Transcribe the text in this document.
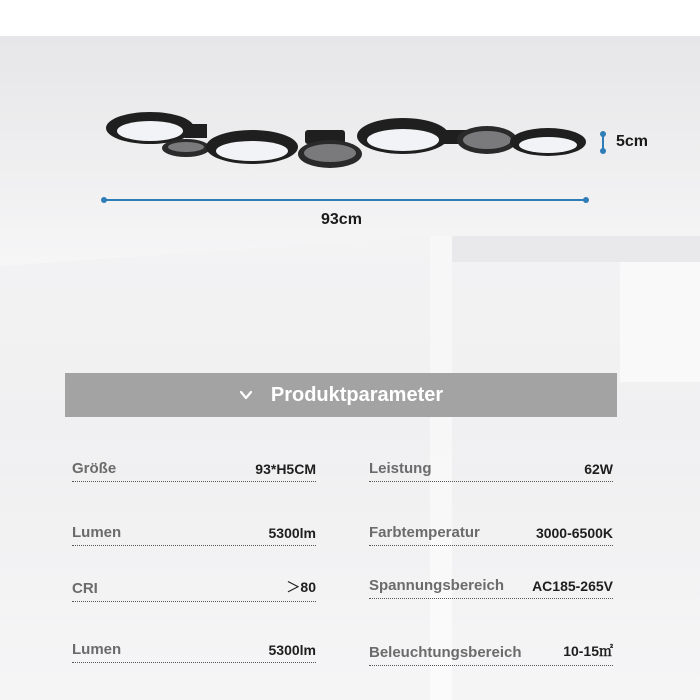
5cm
93cm
Produktparameter
Größe	93*H5CM
Lumen	5300lm
CRI	＞80
Lumen	5300lm
Leistung	62W
Farbtemperatur	3000-6500K
Spannungsbereich AC185-265V
Beleuchtungsbereich	10-15㎡
